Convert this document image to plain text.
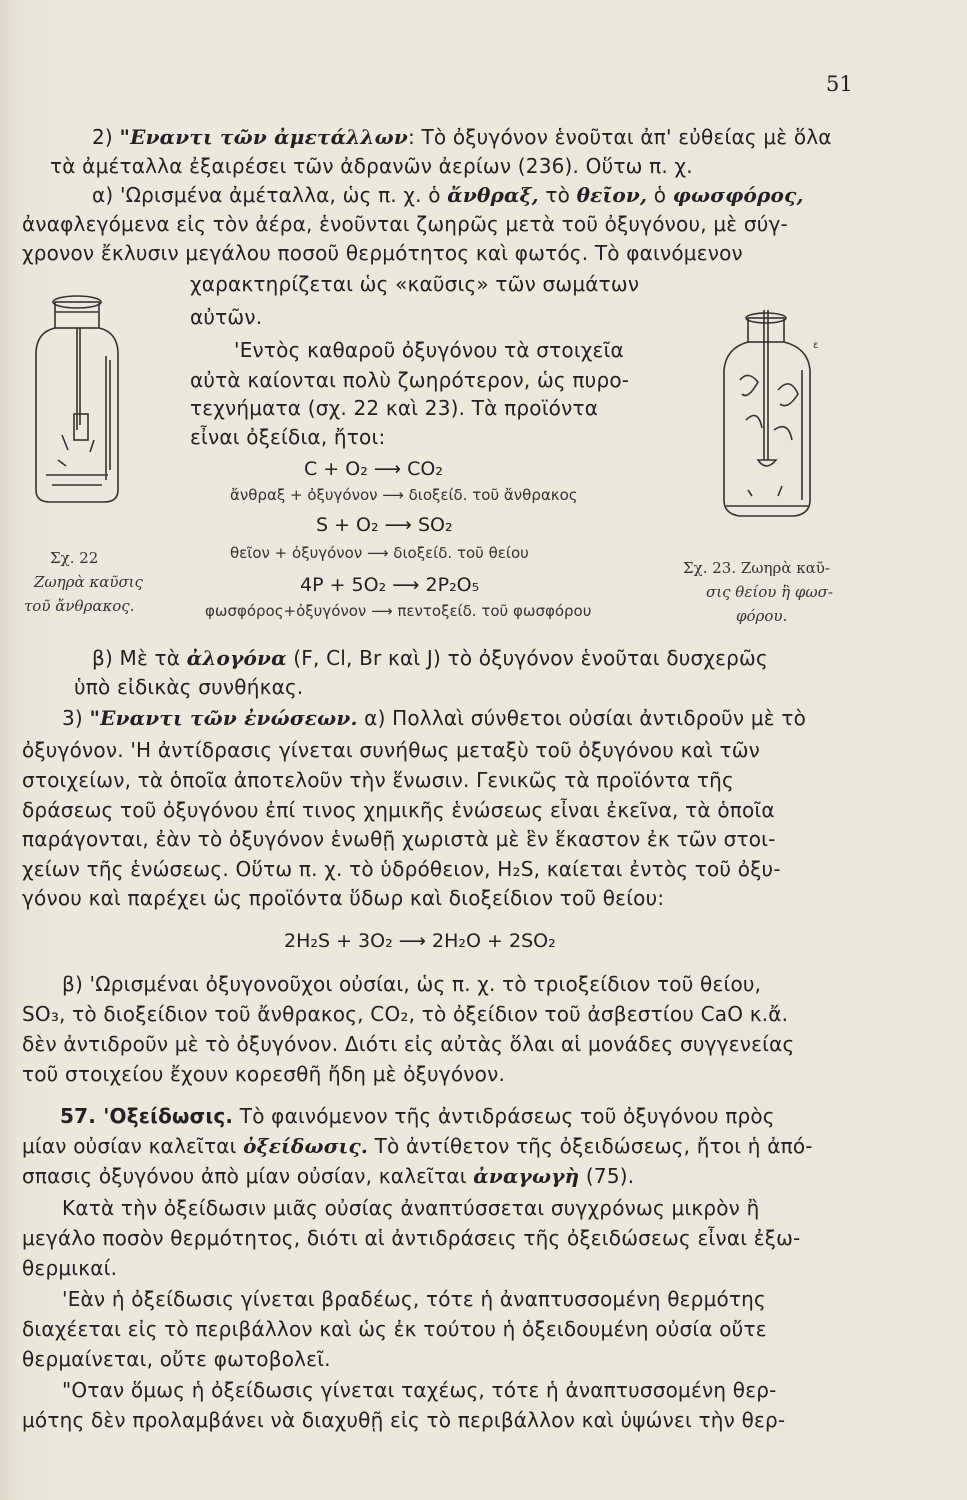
51
2) "Εναντι τῶν ἀμετάλλων: Τὸ ὀξυγόνον ἑνοῦται ἀπ' εὐθείας μὲ ὅλα
τὰ ἀμέταλλα ἐξαιρέσει τῶν ἀδρανῶν ἀερίων (236). Οὕτω π. χ.
α) 'Ωρισμένα ἀμέταλλα, ὡς π. χ. ὁ ἄνθραξ, τὸ θεῖον, ὁ φωσφόρος,
ἀναφλεγόμενα εἰς τὸν ἀέρα, ἑνοῦνται ζωηρῶς μετὰ τοῦ ὀξυγόνου, μὲ σύγ-
χρονον ἔκλυσιν μεγάλου ποσοῦ θερμότητος καὶ φωτός. Τὸ φαινόμενον
χαρακτηρίζεται ὡς «καῦσις» τῶν σωμάτων
αὐτῶν.
'Εντὸς καθαροῦ ὀξυγόνου τὰ στοιχεῖα
αὐτὰ καίονται πολὺ ζωηρότερον, ὡς πυρο-
τεχνήματα (σχ. 22 καὶ 23). Τὰ προϊόντα
εἶναι ὀξείδια, ἤτοι:
ε
C + O₂ ⟶ CO₂
ἄνθραξ + ὀξυγόνον ⟶ διοξείδ. τοῦ ἄνθρακος
S + O₂ ⟶ SO₂
θεῖον + ὀξυγόνον ⟶ διοξείδ. τοῦ θείου
4P + 5O₂ ⟶ 2P₂O₅
φωσφόρος+ὀξυγόνον ⟶ πεντοξείδ. τοῦ φωσφόρου
Σχ. 22
Ζωηρὰ καῦσις
τοῦ ἄνθρακος.
Σχ. 23. Ζωηρὰ καῦ-
σις θείου ἢ φωσ-
φόρου.
β) Μὲ τὰ ἀλογόνα (F, Cl, Br καὶ J) τὸ ὀξυγόνον ἑνοῦται δυσχερῶς
ὑπὸ εἰδικὰς συνθήκας.
3) "Εναντι τῶν ἐνώσεων. α) Πολλαὶ σύνθετοι οὐσίαι ἀντιδροῦν μὲ τὸ
ὀξυγόνον. 'Η ἀντίδρασις γίνεται συνήθως μεταξὺ τοῦ ὀξυγόνου καὶ τῶν
στοιχείων, τὰ ὁποῖα ἀποτελοῦν τὴν ἕνωσιν. Γενικῶς τὰ προϊόντα τῆς
δράσεως τοῦ ὀξυγόνου ἐπί τινος χημικῆς ἑνώσεως εἶναι ἐκεῖνα, τὰ ὁποῖα
παράγονται, ἐὰν τὸ ὀξυγόνον ἑνωθῇ χωριστὰ μὲ ἓν ἕκαστον ἐκ τῶν στοι-
χείων τῆς ἑνώσεως. Οὕτω π. χ. τὸ ὑδρόθειον, H₂S, καίεται ἐντὸς τοῦ ὀξυ-
γόνου καὶ παρέχει ὡς προϊόντα ὕδωρ καὶ διοξείδιον τοῦ θείου:
2H₂S + 3O₂ ⟶ 2H₂O + 2SO₂
β) 'Ωρισμέναι ὀξυγονοῦχοι οὐσίαι, ὡς π. χ. τὸ τριοξείδιον τοῦ θείου,
SO₃, τὸ διοξείδιον τοῦ ἄνθρακος, CO₂, τὸ ὀξείδιον τοῦ ἀσβεστίου CaO κ.ἄ.
δὲν ἀντιδροῦν μὲ τὸ ὀξυγόνον. Διότι εἰς αὐτὰς ὅλαι αἱ μονάδες συγγενείας
τοῦ στοιχείου ἔχουν κορεσθῆ ἤδη μὲ ὀξυγόνον.
57. 'Οξείδωσις. Τὸ φαινόμενον τῆς ἀντιδράσεως τοῦ ὀξυγόνου πρὸς
μίαν οὐσίαν καλεῖται ὀξείδωσις. Τὸ ἀντίθετον τῆς ὀξειδώσεως, ἤτοι ἡ ἀπό-
σπασις ὀξυγόνου ἀπὸ μίαν οὐσίαν, καλεῖται ἀναγωγὴ (75).
Κατὰ τὴν ὀξείδωσιν μιᾶς οὐσίας ἀναπτύσσεται συγχρόνως μικρὸν ἢ
μεγάλο ποσὸν θερμότητος, διότι αἱ ἀντιδράσεις τῆς ὀξειδώσεως εἶναι ἐξω-
θερμικαί.
'Εὰν ἡ ὀξείδωσις γίνεται βραδέως, τότε ἡ ἀναπτυσσομένη θερμότης
διαχέεται εἰς τὸ περιβάλλον καὶ ὡς ἐκ τούτου ἡ ὀξειδουμένη οὐσία οὔτε
θερμαίνεται, οὔτε φωτοβολεῖ.
"Οταν ὅμως ἡ ὀξείδωσις γίνεται ταχέως, τότε ἡ ἀναπτυσσομένη θερ-
μότης δὲν προλαμβάνει νὰ διαχυθῇ εἰς τὸ περιβάλλον καὶ ὑψώνει τὴν θερ-
